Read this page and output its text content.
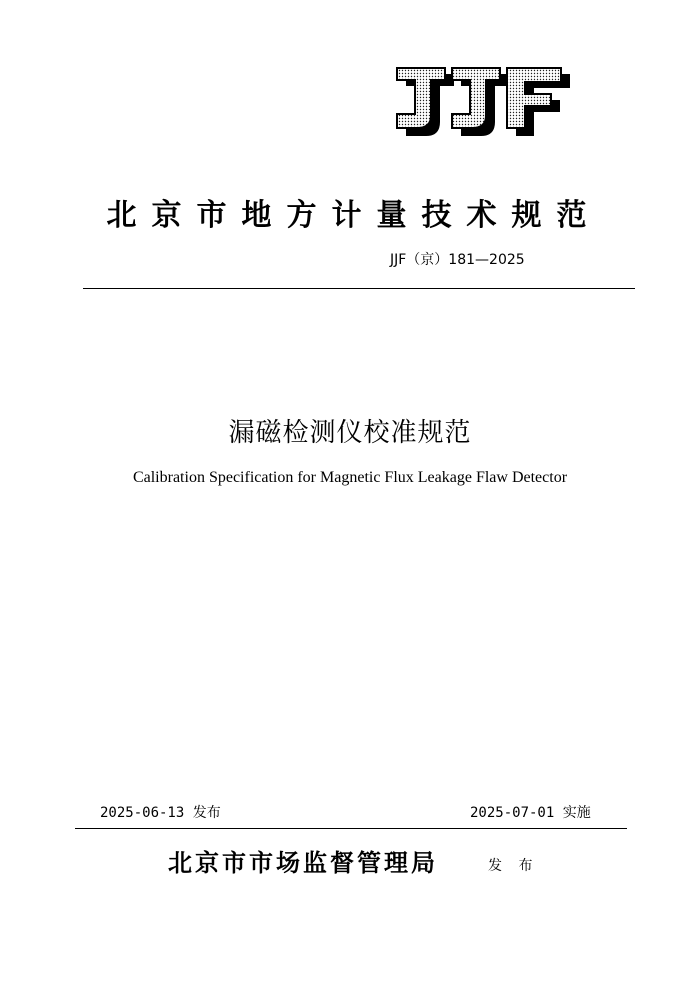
北京市地方计量技术规范
JJF（京）181—2025
漏磁检测仪校准规范
Calibration Specification for Magnetic Flux Leakage Flaw Detector
2025-06-13 发布	2025-07-01 实施
北京市市场监督管理局	发 布
